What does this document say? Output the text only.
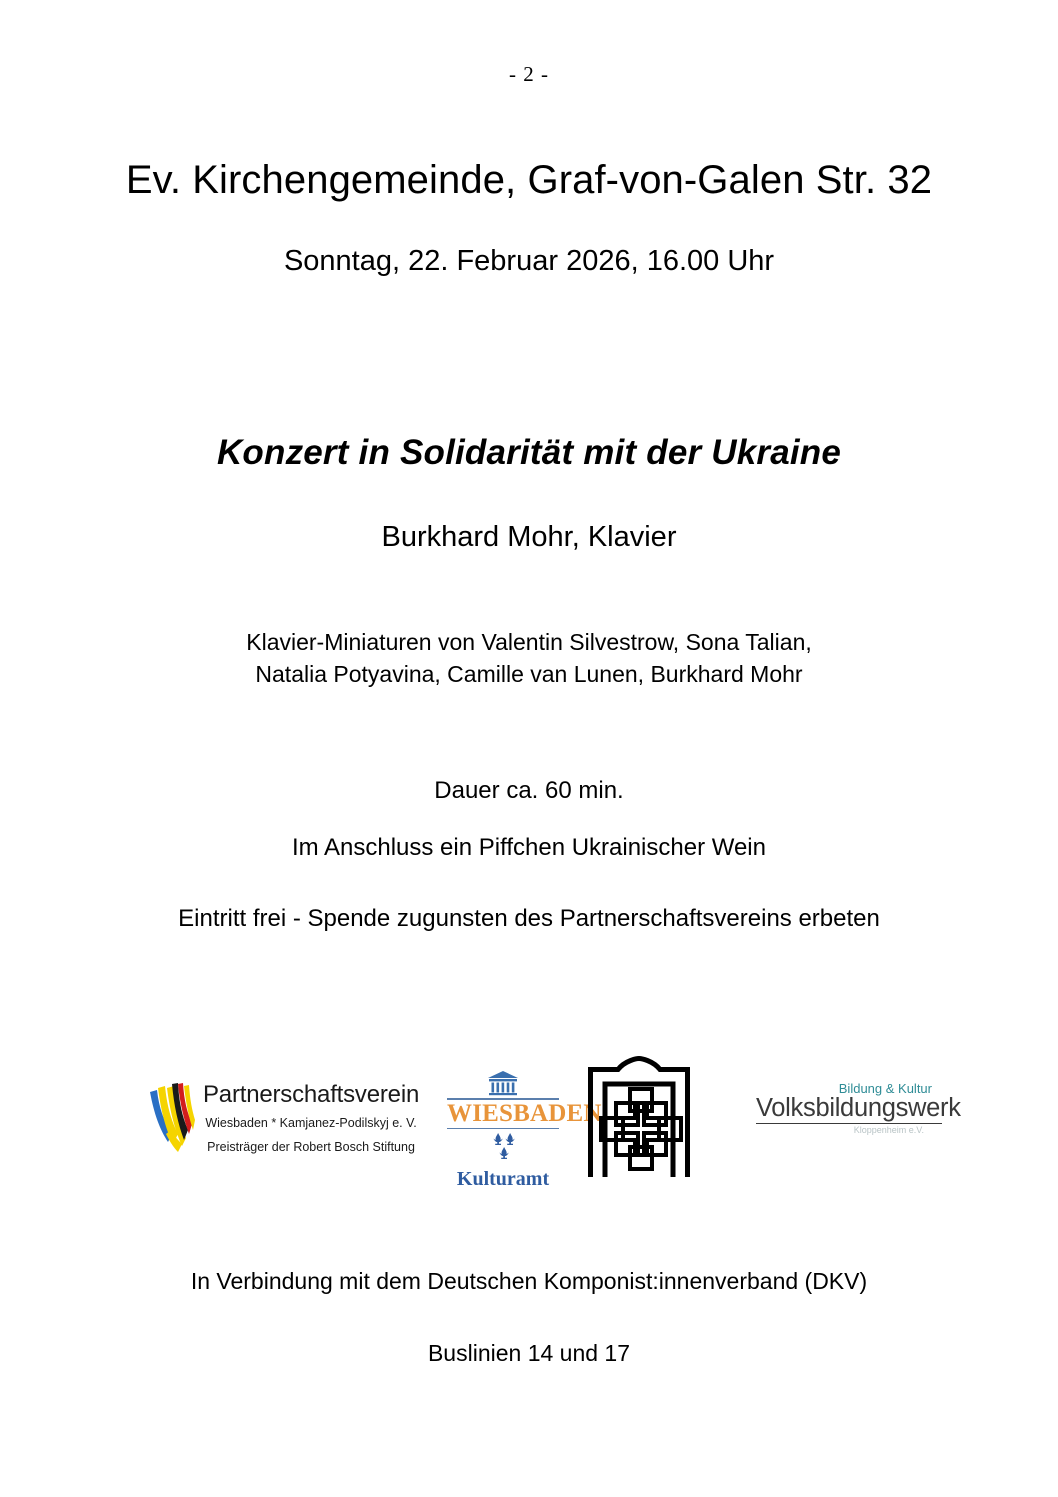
- 2 -
Ev. Kirchengemeinde, Graf-von-Galen Str. 32
Sonntag, 22. Februar 2026, 16.00 Uhr
Konzert in Solidarität mit der Ukraine
Burkhard Mohr, Klavier
Klavier-Miniaturen von Valentin Silvestrow, Sona Talian,
Natalia Potyavina, Camille van Lunen, Burkhard Mohr
Dauer ca. 60 min.
Im Anschluss ein Piffchen Ukrainischer Wein
Eintritt frei - Spende zugunsten des Partnerschaftsvereins erbeten
Partnerschaftsverein
Wiesbaden * Kamjanez-Podilskyj e. V.
Preisträger der Robert Bosch Stiftung
WIESBADEN
Kulturamt
Bildung & Kultur
Volksbildungswerk
Kloppenheim e.V.
In Verbindung mit dem Deutschen Komponist:innenverband (DKV)
Buslinien 14 und 17
